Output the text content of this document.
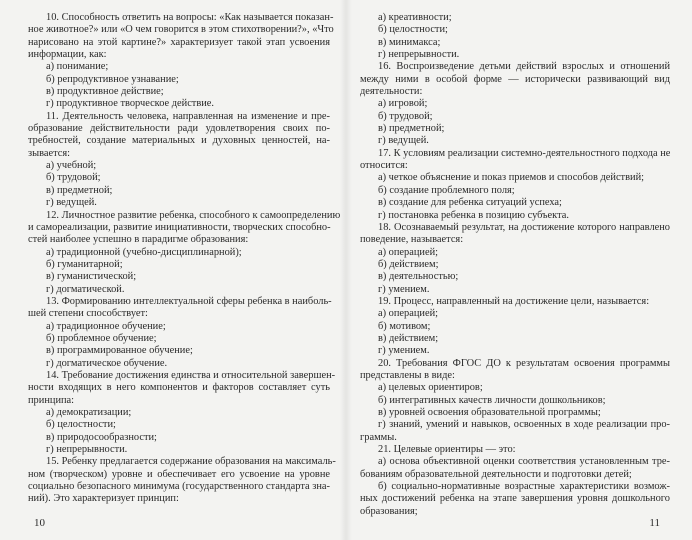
10. Способность ответить на вопросы: «Как называется показан-

ное животное?» или «О чем говорится в этом стихотворении?», «Что

нарисовано на этой картине?» характеризует такой этап усвоения

информации, как:

а) понимание;

б) репродуктивное узнавание;

в) продуктивное действие;

г) продуктивное творческое действие.

11. Деятельность человека, направленная на изменение и пре-

образование действительности ради удовлетворения своих по-

требностей, создание материальных и духовных ценностей, на-

зывается:

а) учебной;

б) трудовой;

в) предметной;

г) ведущей.

12. Личностное развитие ребенка, способного к самоопределению

и самореализации, развитие инициативности, творческих способно-

стей наиболее успешно в парадигме образования:

а) традиционной (учебно-дисциплинарной);

б) гуманитарной;

в) гуманистической;

г) догматической.

13. Формированию интеллектуальной сферы ребенка в наиболь-

шей степени способствует:

а) традиционное обучение;

б) проблемное обучение;

в) программированное обучение;

г) догматическое обучение.

14. Требование достижения единства и относительной завершен-

ности входящих в него компонентов и факторов составляет суть

принципа:

а) демократизации;

б) целостности;

в) природосообразности;

г) непрерывности.

15. Ребенку предлагается содержание образования на максималь-

ном (творческом) уровне и обеспечивает его усвоение на уровне

социально безопасного минимума (государственного стандарта зна-

ний). Это характеризует принцип:

10

а) креативности;

б) целостности;

в) минимакса;

г) непрерывности.

16. Воспроизведение детьми действий взрослых и отношений

между ними в особой форме — исторически развивающий вид

деятельности:

а) игровой;

б) трудовой;

в) предметной;

г) ведущей.

17. К условиям реализации системно-деятельностного подхода не

относится:

а) четкое объяснение и показ приемов и способов действий;

б) создание проблемного поля;

в) создание для ребенка ситуаций успеха;

г) постановка ребенка в позицию субъекта.

18. Осознаваемый результат, на достижение которого направлено

поведение, называется:

а) операцией;

б) действием;

в) деятельностью;

г) умением.

19. Процесс, направленный на достижение цели, называется:

а) операцией;

б) мотивом;

в) действием;

г) умением.

20. Требования ФГОС ДО к результатам освоения программы

представлены в виде:

а) целевых ориентиров;

б) интегративных качеств личности дошкольников;

в) уровней освоения образовательной программы;

г) знаний, умений и навыков, освоенных в ходе реализации про-

граммы.

21. Целевые ориентиры — это:

а) основа объективной оценки соответствия установленным тре-

бованиям образовательной деятельности и подготовки детей;

б) социально-нормативные возрастные характеристики возмож-

ных достижений ребенка на этапе завершения уровня дошкольного

образования;

11
